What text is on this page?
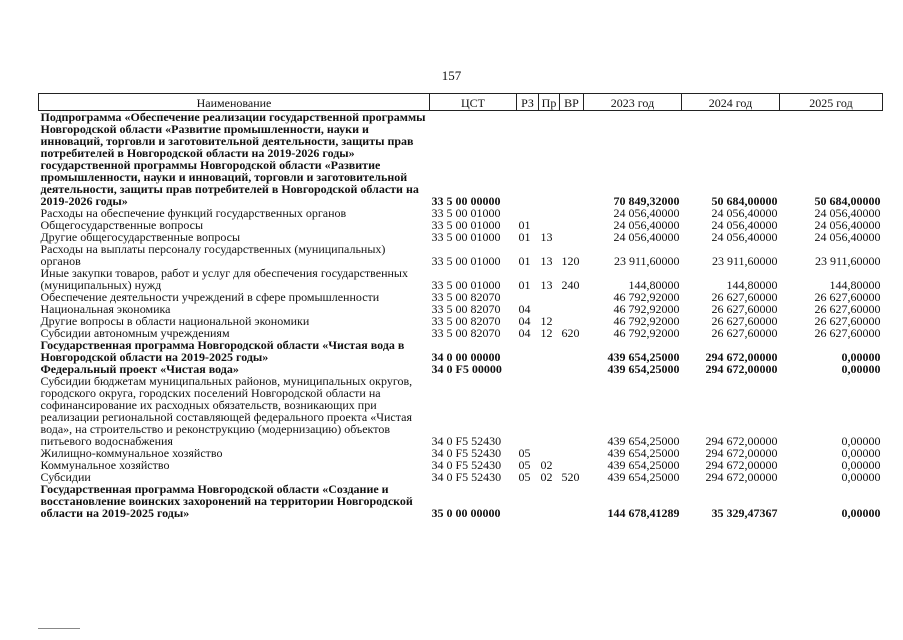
157
Наименование	ЦСТ	РЗ	Пр	ВР	2023 год	2024 год	2025 год
Подпрограмма «Обеспечение реализации государственной программы Новгородской области «Развитие промышленности, науки и инноваций, торговли и заготовительной деятельности, защиты прав потребителей в Новгородской области на 2019-2026 годы» государственной программы Новгородской области «Развитие промышленности, науки и инноваций, торговли и заготовительной деятельности, защиты прав потребителей в Новгородской области на 2019-2026 годы»	33 5 00 00000				70 849,32000	50 684,00000	50 684,00000
Расходы на обеспечение функций государственных органов	33 5 00 01000				24 056,40000	24 056,40000	24 056,40000
Общегосударственные вопросы	33 5 00 01000	01			24 056,40000	24 056,40000	24 056,40000
Другие общегосударственные вопросы	33 5 00 01000	01	13		24 056,40000	24 056,40000	24 056,40000
Расходы на выплаты персоналу государственных (муниципальных) органов	33 5 00 01000	01	13	120	23 911,60000	23 911,60000	23 911,60000
Иные закупки товаров, работ и услуг для обеспечения государственных (муниципальных) нужд	33 5 00 01000	01	13	240	144,80000	144,80000	144,80000
Обеспечение деятельности учреждений в сфере промышленности	33 5 00 82070				46 792,92000	26 627,60000	26 627,60000
Национальная экономика	33 5 00 82070	04			46 792,92000	26 627,60000	26 627,60000
Другие вопросы в области национальной экономики	33 5 00 82070	04	12		46 792,92000	26 627,60000	26 627,60000
Субсидии автономным учреждениям	33 5 00 82070	04	12	620	46 792,92000	26 627,60000	26 627,60000
Государственная программа Новгородской области «Чистая вода в Новгородской области на 2019-2025 годы»	34 0 00 00000				439 654,25000	294 672,00000	0,00000
Федеральный проект «Чистая вода»	34 0 F5 00000				439 654,25000	294 672,00000	0,00000
Субсидии бюджетам муниципальных районов, муниципальных округов, городского округа, городских поселений Новгородской области на софинансирование их расходных обязательств, возникающих при реализации региональной составляющей федерального проекта «Чистая вода», на строительство и реконструкцию (модернизацию) объектов питьевого водоснабжения	34 0 F5 52430				439 654,25000	294 672,00000	0,00000
Жилищно-коммунальное хозяйство	34 0 F5 52430	05			439 654,25000	294 672,00000	0,00000
Коммунальное хозяйство	34 0 F5 52430	05	02		439 654,25000	294 672,00000	0,00000
Субсидии	34 0 F5 52430	05	02	520	439 654,25000	294 672,00000	0,00000
Государственная программа Новгородской области «Создание и восстановление воинских захоронений на территории Новгородской области на 2019-2025 годы»	35 0 00 00000				144 678,41289	35 329,47367	0,00000
